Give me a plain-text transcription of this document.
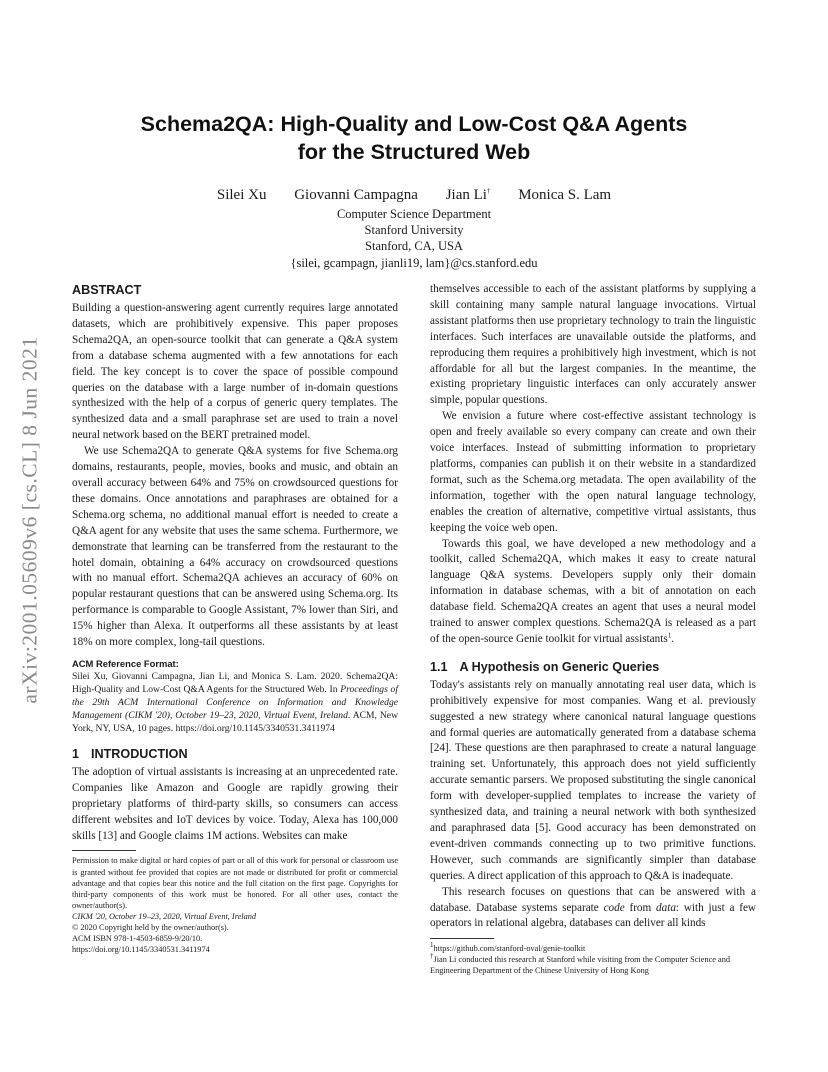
arXiv:2001.05609v6 [cs.CL] 8 Jun 2021
Schema2QA: High-Quality and Low-Cost Q&A Agents
for the Structured Web
Silei Xu Giovanni Campagna Jian Li† Monica S. Lam
Computer Science Department
Stanford University
Stanford, CA, USA
{silei, gcampagn, jianli19, lam}@cs.stanford.edu
ABSTRACT

Building a question-answering agent currently requires large annotated datasets, which are prohibitively expensive. This paper proposes Schema2QA, an open-source toolkit that can generate a Q&A system from a database schema augmented with a few annotations for each field. The key concept is to cover the space of possible compound queries on the database with a large number of in-domain questions synthesized with the help of a corpus of generic query templates. The synthesized data and a small paraphrase set are used to train a novel neural network based on the BERT pretrained model.

We use Schema2QA to generate Q&A systems for five Schema.org domains, restaurants, people, movies, books and music, and obtain an overall accuracy between 64% and 75% on crowdsourced questions for these domains. Once annotations and paraphrases are obtained for a Schema.org schema, no additional manual effort is needed to create a Q&A agent for any website that uses the same schema. Furthermore, we demonstrate that learning can be transferred from the restaurant to the hotel domain, obtaining a 64% accuracy on crowdsourced questions with no manual effort. Schema2QA achieves an accuracy of 60% on popular restaurant questions that can be answered using Schema.org. Its performance is comparable to Google Assistant, 7% lower than Siri, and 15% higher than Alexa. It outperforms all these assistants by at least 18% on more complex, long-tail questions.

ACM Reference Format:

Silei Xu, Giovanni Campagna, Jian Li, and Monica S. Lam. 2020. Schema2QA: High-Quality and Low-Cost Q&A Agents for the Structured Web. In Proceedings of the 29th ACM International Conference on Information and Knowledge Management (CIKM '20), October 19–23, 2020, Virtual Event, Ireland. ACM, New York, NY, USA, 10 pages. https://doi.org/10.1145/3340531.3411974

1 INTRODUCTION

The adoption of virtual assistants is increasing at an unprecedented rate. Companies like Amazon and Google are rapidly growing their proprietary platforms of third-party skills, so consumers can access different websites and IoT devices by voice. Today, Alexa has 100,000 skills [13] and Google claims 1M actions. Websites can make

Permission to make digital or hard copies of part or all of this work for personal or classroom use is granted without fee provided that copies are not made or distributed for profit or commercial advantage and that copies bear this notice and the full citation on the first page. Copyrights for third-party components of this work must be honored. For all other uses, contact the owner/author(s).

CIKM '20, October 19–23, 2020, Virtual Event, Ireland

© 2020 Copyright held by the owner/author(s).

ACM ISBN 978-1-4503-6859-9/20/10.

https://doi.org/10.1145/3340531.3411974

themselves accessible to each of the assistant platforms by supplying a skill containing many sample natural language invocations. Virtual assistant platforms then use proprietary technology to train the linguistic interfaces. Such interfaces are unavailable outside the platforms, and reproducing them requires a prohibitively high investment, which is not affordable for all but the largest companies. In the meantime, the existing proprietary linguistic interfaces can only accurately answer simple, popular questions.

We envision a future where cost-effective assistant technology is open and freely available so every company can create and own their voice interfaces. Instead of submitting information to proprietary platforms, companies can publish it on their website in a standardized format, such as the Schema.org metadata. The open availability of the information, together with the open natural language technology, enables the creation of alternative, competitive virtual assistants, thus keeping the voice web open.

Towards this goal, we have developed a new methodology and a toolkit, called Schema2QA, which makes it easy to create natural language Q&A systems. Developers supply only their domain information in database schemas, with a bit of annotation on each database field. Schema2QA creates an agent that uses a neural model trained to answer complex questions. Schema2QA is released as a part of the open-source Genie toolkit for virtual assistants$^1$.

1.1 A Hypothesis on Generic Queries

Today's assistants rely on manually annotating real user data, which is prohibitively expensive for most companies. Wang et al. previously suggested a new strategy where canonical natural language questions and formal queries are automatically generated from a database schema [24]. These questions are then paraphrased to create a natural language training set. Unfortunately, this approach does not yield sufficiently accurate semantic parsers. We proposed substituting the single canonical form with developer-supplied templates to increase the variety of synthesized data, and training a neural network with both synthesized and paraphrased data [5]. Good accuracy has been demonstrated on event-driven commands connecting up to two primitive functions. However, such commands are significantly simpler than database queries. A direct application of this approach to Q&A is inadequate.

This research focuses on questions that can be answered with a database. Database systems separate code from data: with just a few operators in relational algebra, databases can deliver all kinds

$^1$https://github.com/stanford-oval/genie-toolkit
†Jian Li conducted this research at Stanford while visiting from the Computer Science and Engineering Department of the Chinese University of Hong Kong
